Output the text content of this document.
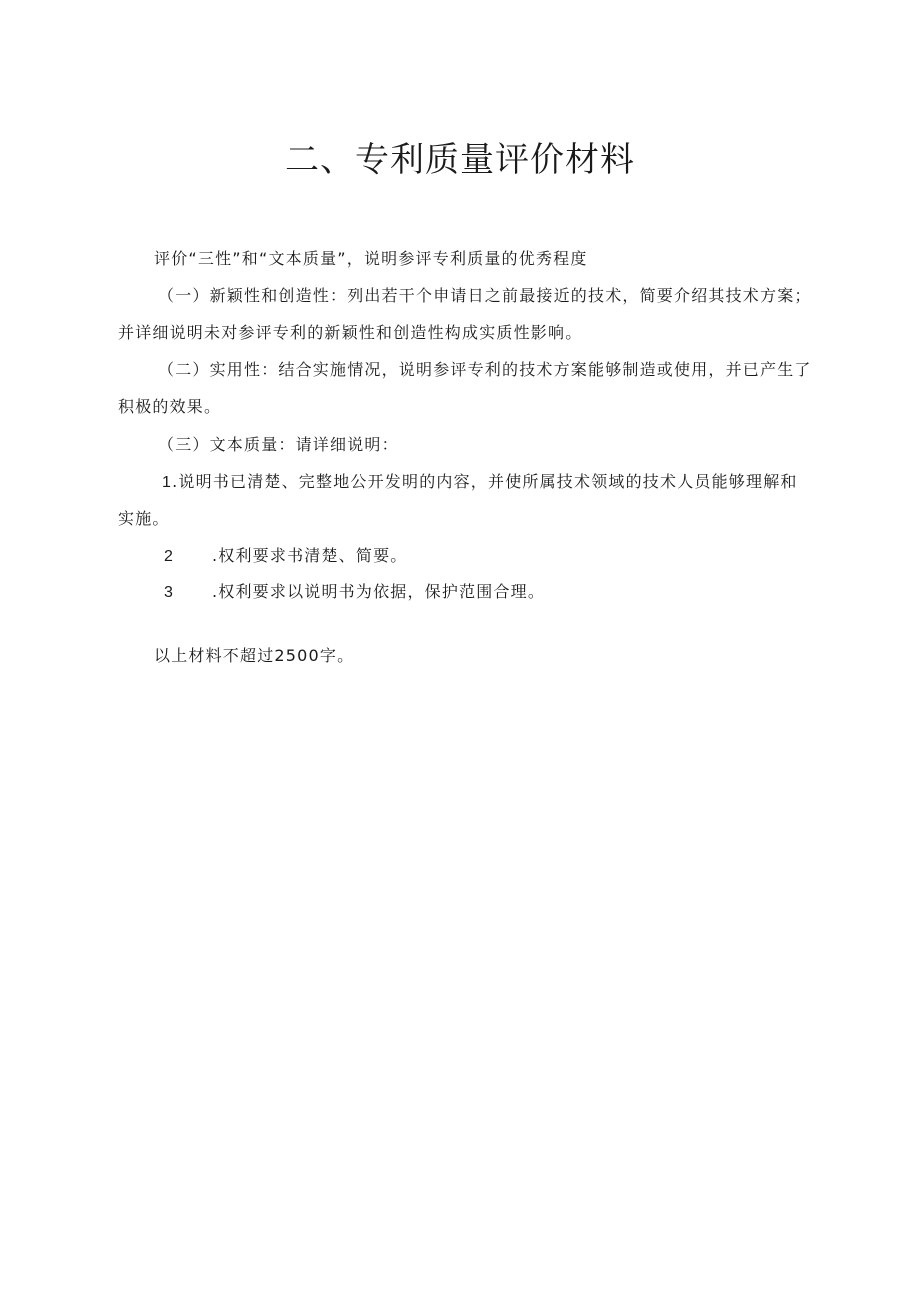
二、专利质量评价材料
评价“三性”和“文本质量”，说明参评专利质量的优秀程度
（一）新颖性和创造性：列出若干个申请日之前最接近的技术，简要介绍其技术方案；
并详细说明未对参评专利的新颖性和创造性构成实质性影响。
（二）实用性：结合实施情况，说明参评专利的技术方案能够制造或使用，并已产生了
积极的效果。
（三）文本质量：请详细说明：
1.说明书已清楚、完整地公开发明的内容，并使所属技术领域的技术人员能够理解和
实施。
2 .权利要求书清楚、简要。
3 .权利要求以说明书为依据，保护范围合理。
以上材料不超过2500字。
